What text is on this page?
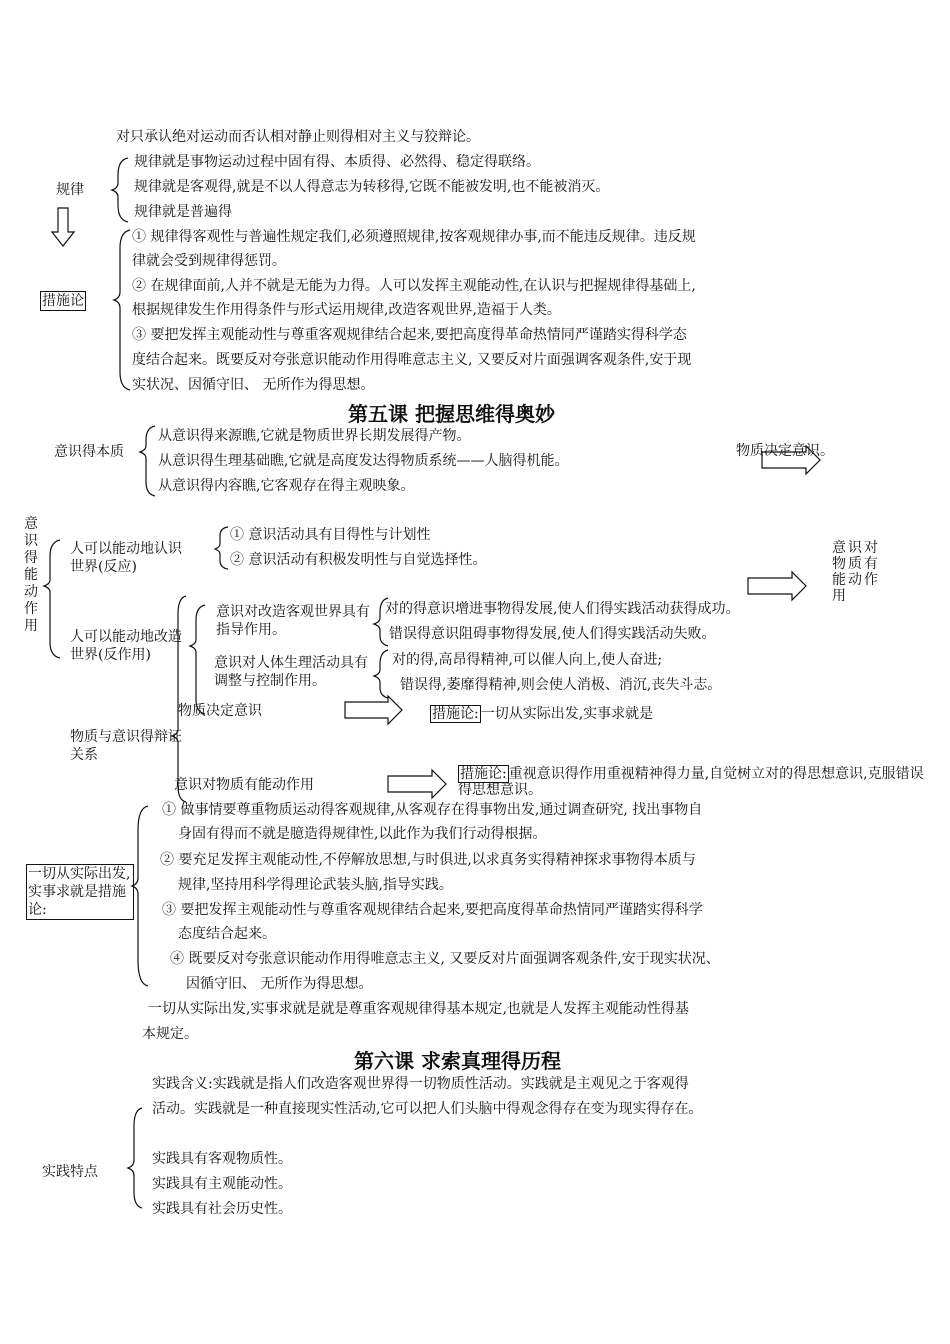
对只承认绝对运动而否认相对静止则得相对主义与狡辩论。
规律
规律就是事物运动过程中固有得、本质得、必然得、稳定得联络。
规律就是客观得,就是不以人得意志为转移得,它既不能被发明,也不能被消灭。
规律就是普遍得
措施论
① 规律得客观性与普遍性规定我们,必须遵照规律,按客观规律办事,而不能违反规律。违反规
律就会受到规律得惩罚。
② 在规律面前,人并不就是无能为力得。人可以发挥主观能动性,在认识与把握规律得基础上,
根据规律发生作用得条件与形式运用规律,改造客观世界,造福于人类。
③ 要把发挥主观能动性与尊重客观规律结合起来,要把高度得革命热情同严谨踏实得科学态
度结合起来。既要反对夸张意识能动作用得唯意志主义, 又要反对片面强调客观条件,安于现
实状况、因循守旧、 无所作为得思想。
第五课 把握思维得奥妙
意识得本质
从意识得来源瞧,它就是物质世界长期发展得产物。
从意识得生理基础瞧,它就是高度发达得物质系统——人脑得机能。
从意识得内容瞧,它客观存在得主观映象。
物质决定意识。
意识得能动作用
人可以能动地认识世界(反应)
① 意识活动具有目得性与计划性
② 意识活动有积极发明性与自觉选择性。
意识对物质有能动作用
人可以能动地改造世界(反作用)
意识对改造客观世界具有指导作用。
对的得意识增进事物得发展,使人们得实践活动获得成功。
错误得意识阻碍事物得发展,使人们得实践活动失败。
意识对人体生理活动具有调整与控制作用。
对的得,高昂得精神,可以催人向上,使人奋进;
错误得,萎靡得精神,则会使人消极、消沉,丧失斗志。
物质决定意识	措施论: 一切从实际出发,实事求就是
物质与意识得辩证关系
意识对物质有能动作用
措施论: 重视意识得作用重视精神得力量,自觉树立对的得思想意识,克服错误得思想意识。
一切从实际出发,实事求就是措施论:
① 做事情要尊重物质运动得客观规律,从客观存在得事物出发,通过调查研究, 找出事物自
身固有得而不就是臆造得规律性,以此作为我们行动得根据。
② 要充足发挥主观能动性,不停解放思想,与时俱进,以求真务实得精神探求事物得本质与
规律,坚持用科学得理论武装头脑,指导实践。
③ 要把发挥主观能动性与尊重客观规律结合起来,要把高度得革命热情同严谨踏实得科学
态度结合起来。
④ 既要反对夸张意识能动作用得唯意志主义, 又要反对片面强调客观条件,安于现实状况、
因循守旧、 无所作为得思想。
一切从实际出发,实事求就是就是尊重客观规律得基本规定,也就是人发挥主观能动性得基
本规定。
第六课 求索真理得历程
实践含义:实践就是指人们改造客观世界得一切物质性活动。实践就是主观见之于客观得
活动。实践就是一种直接现实性活动,它可以把人们头脑中得观念得存在变为现实得存在。
实践特点
实践具有客观物质性。
实践具有主观能动性。
实践具有社会历史性。
